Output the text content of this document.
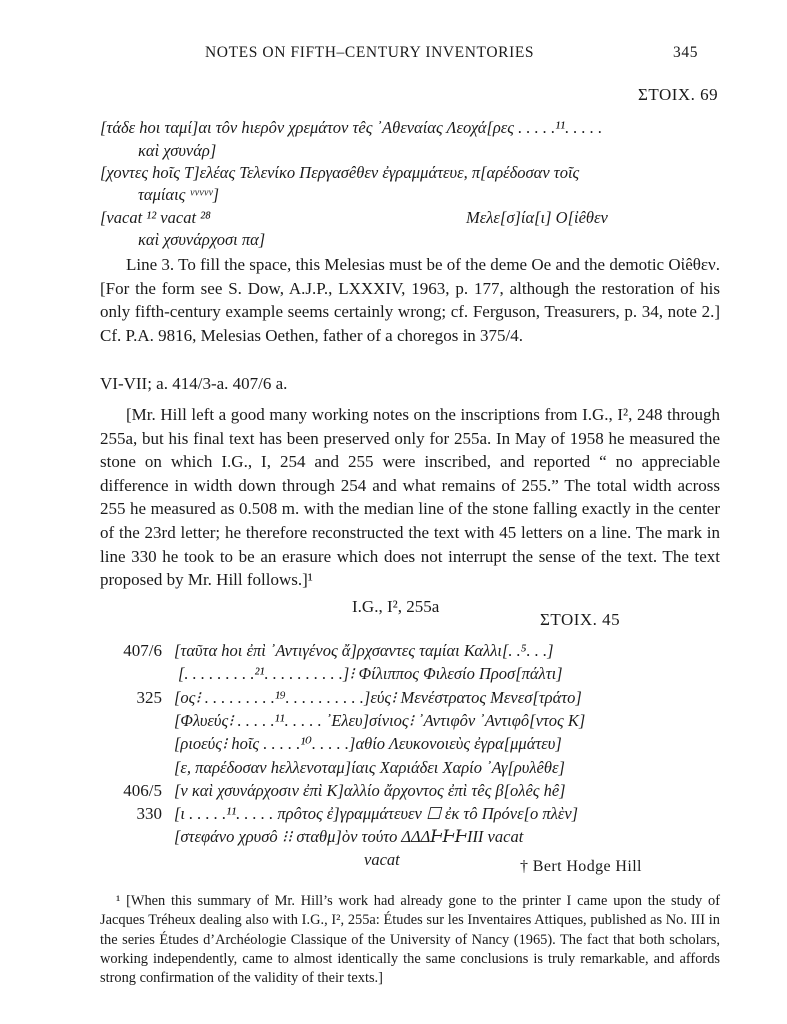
NOTES ON FIFTH–CENTURY INVENTORIES	345
ΣΤΟΙΧ. 69
[τάδε hοι ταμί]αι τôν hιερôν χρεμάτον τêς ᾿Αθεναίας Λεοχά[ρες . . . . .¹¹. . . . .
καὶ χσυνάρ]
[χοντες hοῖς Τ]ελέας Τελενίκο Περγασêθεν ἐγραμμάτευε, π[αρέδοσαν τοῖς
ταμίαις ᵛᵛᵛᵛᵛ]
[vacat ¹² vacat ²⁸	Μελε[σ]ία[ι] Ο[ἰêθεν
καὶ χσυνάρχοσι πα]

Line 3. To fill the space, this Melesias must be of the deme Oe and the demotic Οἰêθεν. [For the form see S. Dow, A.J.P., LXXXIV, 1963, p. 177, although the restoration of his only fifth-century example seems certainly wrong; cf. Ferguson, Treasurers, p. 34, note 2.] Cf. P.A. 9816, Melesias Oethen, father of a choregos in 375/4.

VI-VII; a. 414/3-a. 407/6 a.

[Mr. Hill left a good many working notes on the inscriptions from I.G., I², 248 through 255a, but his final text has been preserved only for 255a. In May of 1958 he measured the stone on which I.G., I, 254 and 255 were inscribed, and reported “ no appreciable difference in width down through 254 and what remains of 255.” The total width across 255 he measured as 0.508 m. with the median line of the stone falling exactly in the center of the 23rd letter; he therefore reconstructed the text with 45 letters on a line. The mark in line 330 he took to be an erasure which does not interrupt the sense of the text. The text proposed by Mr. Hill follows.]¹

I.G., I², 255a
ΣΤΟΙΧ. 45
407/6 [ταῦτα hοι ἐπὶ ᾿Αντιγένος ἄ]ρχσαντες ταμίαι Καλλι[. .⁵. . .]
[. . . . . . . . .²¹. . . . . . . . . .]⁝ Φίλιππος Φιλεσίο Προσ[πάλτι]
325 [ος⁝ . . . . . . . . .¹⁹. . . . . . . . . .]εύς⁝ Μενέστρατος Μενεσ[τράτο]
[Φλυεύς⁝ . . . . .¹¹. . . . . ᾿Ελευ]σίνιος⁝ ᾿Αντιφôν ᾿Αντιφô[ντος Κ]
[ριοεύς⁝ hοῖς . . . . .¹⁰. . . . .]αθίο Λευκονοιεὺς ἐγρα[μμάτευ]
[ε, παρέδοσαν hελλενοταμ]ίαις Χαριάδει Χαρίο ᾿Αγ[ρυλêθε]
406/5 [ν καὶ χσυνάρχοσιν ἐπὶ Κ]αλλίο ἄρχοντος ἐπὶ τêς β[ολêς hê]
330 [ι . . . . .¹¹. . . . . πρôτος ἐ]γραμμάτευεν ☐ ἐκ τô Πρόνε[ο πλὲν]
[στεφάνο χρυσô ⁝⁝ σταθμ]ὸν τούτο ΔΔΔͰͰͰΙΙΙ vacat
vacat	† Bert Hodge Hill
¹ [When this summary of Mr. Hill’s work had already gone to the printer I came upon the study of Jacques Tréheux dealing also with I.G., I², 255a: Études sur les Inventaires Attiques, published as No. III in the series Études d’Archéologie Classique of the University of Nancy (1965). The fact that both scholars, working independently, came to almost identically the same conclusions is truly remarkable, and affords strong confirmation of the validity of their texts.]
